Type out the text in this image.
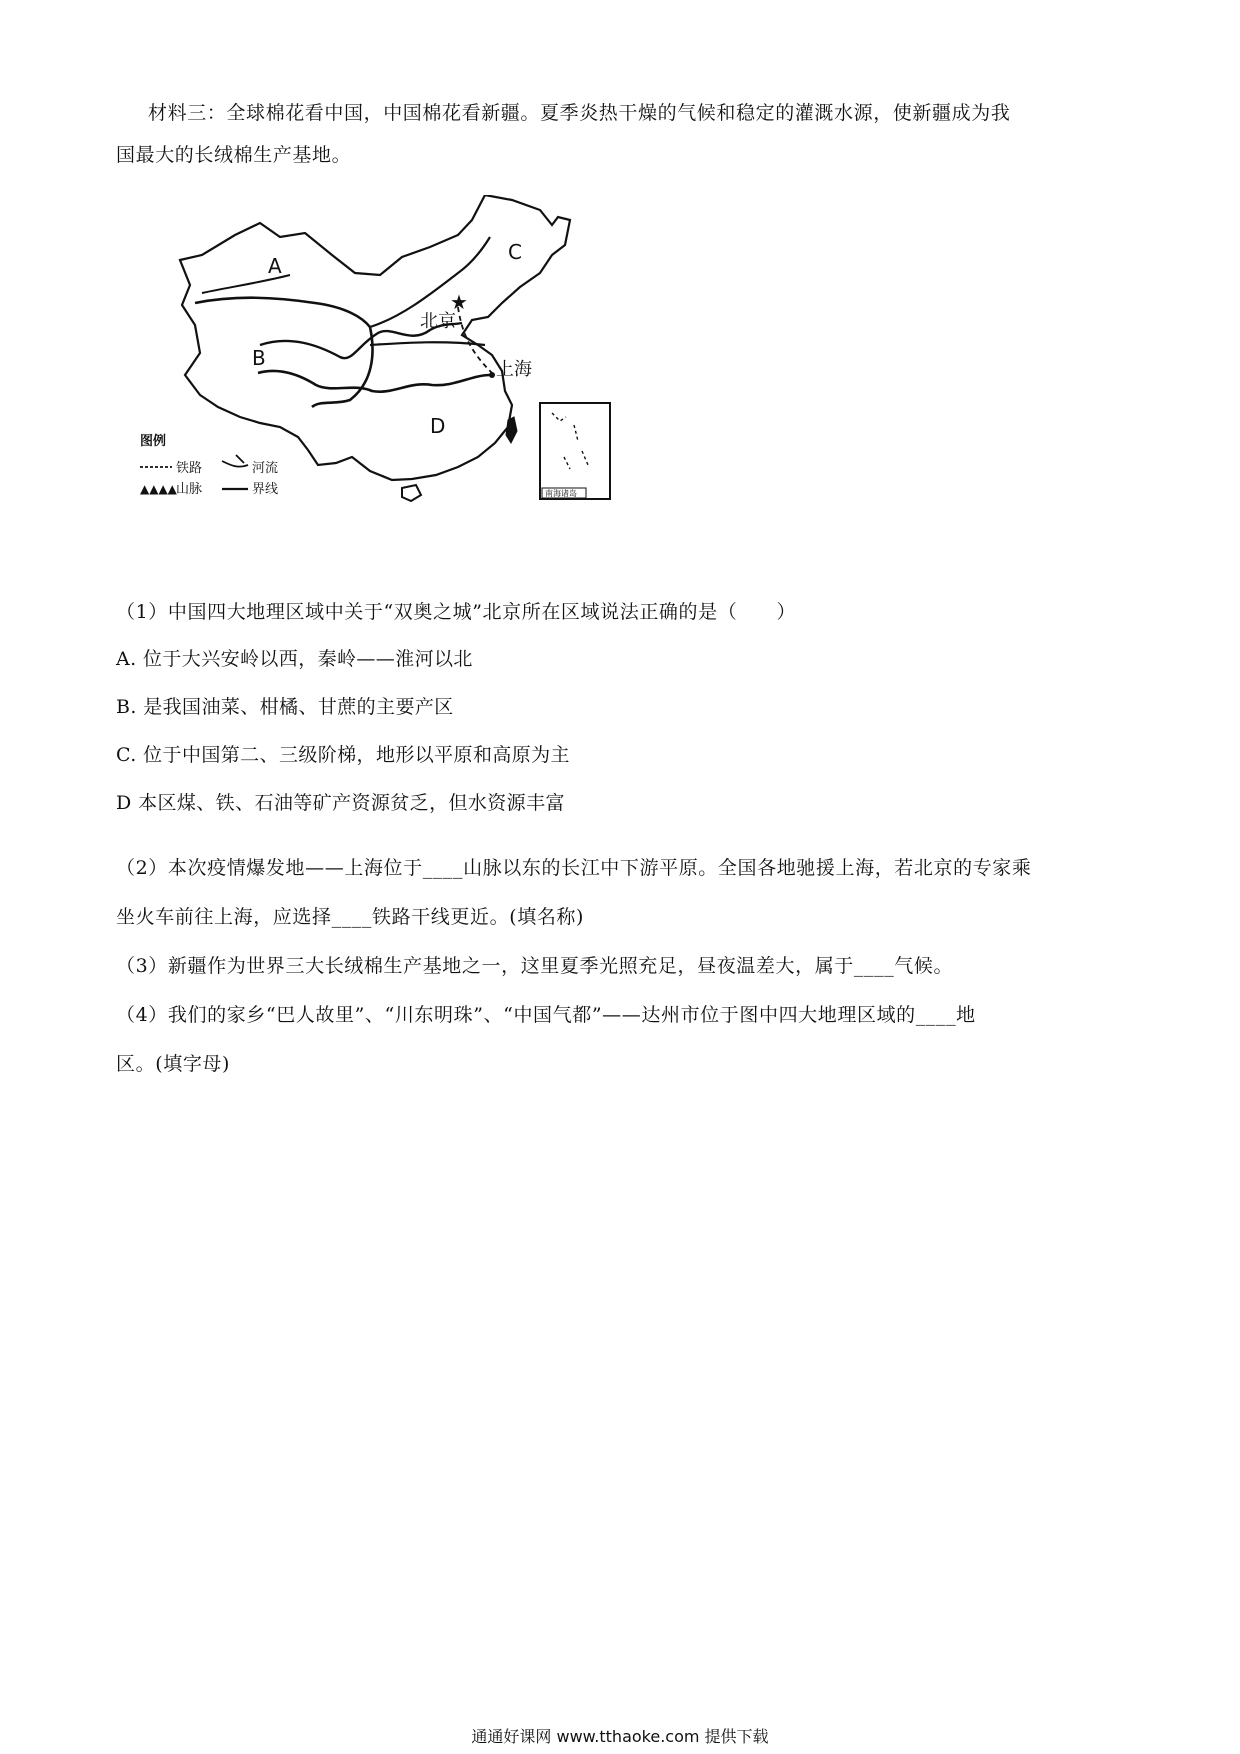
材料三：全球棉花看中国，中国棉花看新疆。夏季炎热干燥的气候和稳定的灌溉水源，使新疆成为我
国最大的长绒棉生产基地。
★
北京
上海
A
B
C
D
南海诸岛
图例
铁路	河流
▲▲▲▲ 山脉	界线
（1）中国四大地理区域中关于“双奥之城”北京所在区域说法正确的是（　　）
A. 位于大兴安岭以西，秦岭——淮河以北
B. 是我国油菜、柑橘、甘蔗的主要产区
C. 位于中国第二、三级阶梯，地形以平原和高原为主
D 本区煤、铁、石油等矿产资源贫乏，但水资源丰富
（2）本次疫情爆发地——上海位于____山脉以东的长江中下游平原。全国各地驰援上海，若北京的专家乘
坐火车前往上海，应选择____铁路干线更近。(填名称)
（3）新疆作为世界三大长绒棉生产基地之一，这里夏季光照充足，昼夜温差大，属于____气候。
（4）我们的家乡“巴人故里”、“川东明珠”、“中国气都”——达州市位于图中四大地理区域的____地
区。(填字母)
通通好课网 www.tthaoke.com 提供下载
